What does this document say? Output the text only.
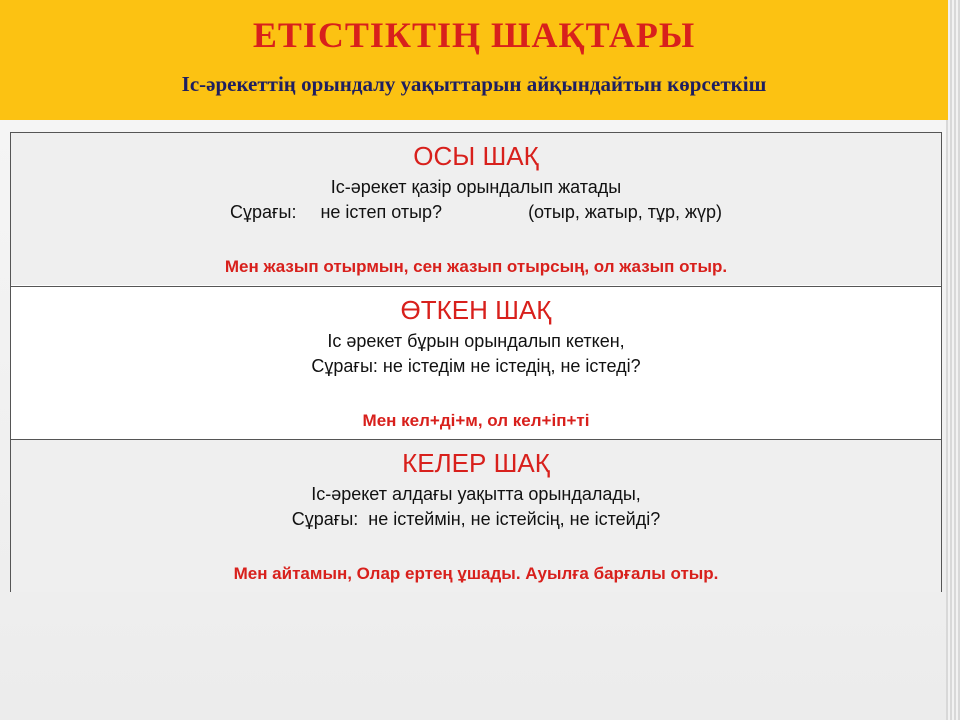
ЕТІСТІКТІҢ ШАҚТАРЫ
Іс-әрекеттің орындалу уақыттарын айқындайтын көрсеткіш
ОСЫ ШАҚ
Іс-әрекет қазір орындалып жатады
Сұрағы: не істеп отыр?	(отыр, жатыр, тұр, жүр)
Мен жазып отырмын, сен жазып отырсың, ол жазып отыр.
ӨТКЕН ШАҚ
Іс әрекет бұрын орындалып кеткен,
Сұрағы: не істедім не істедің, не істеді?
Мен кел+ді+м, ол кел+іп+ті
КЕЛЕР ШАҚ
Іс-әрекет алдағы уақытта орындалады,
Сұрағы:  не істеймін, не істейсің, не істейді?
Мен айтамын, Олар ертең ұшады. Ауылға барғалы отыр.
